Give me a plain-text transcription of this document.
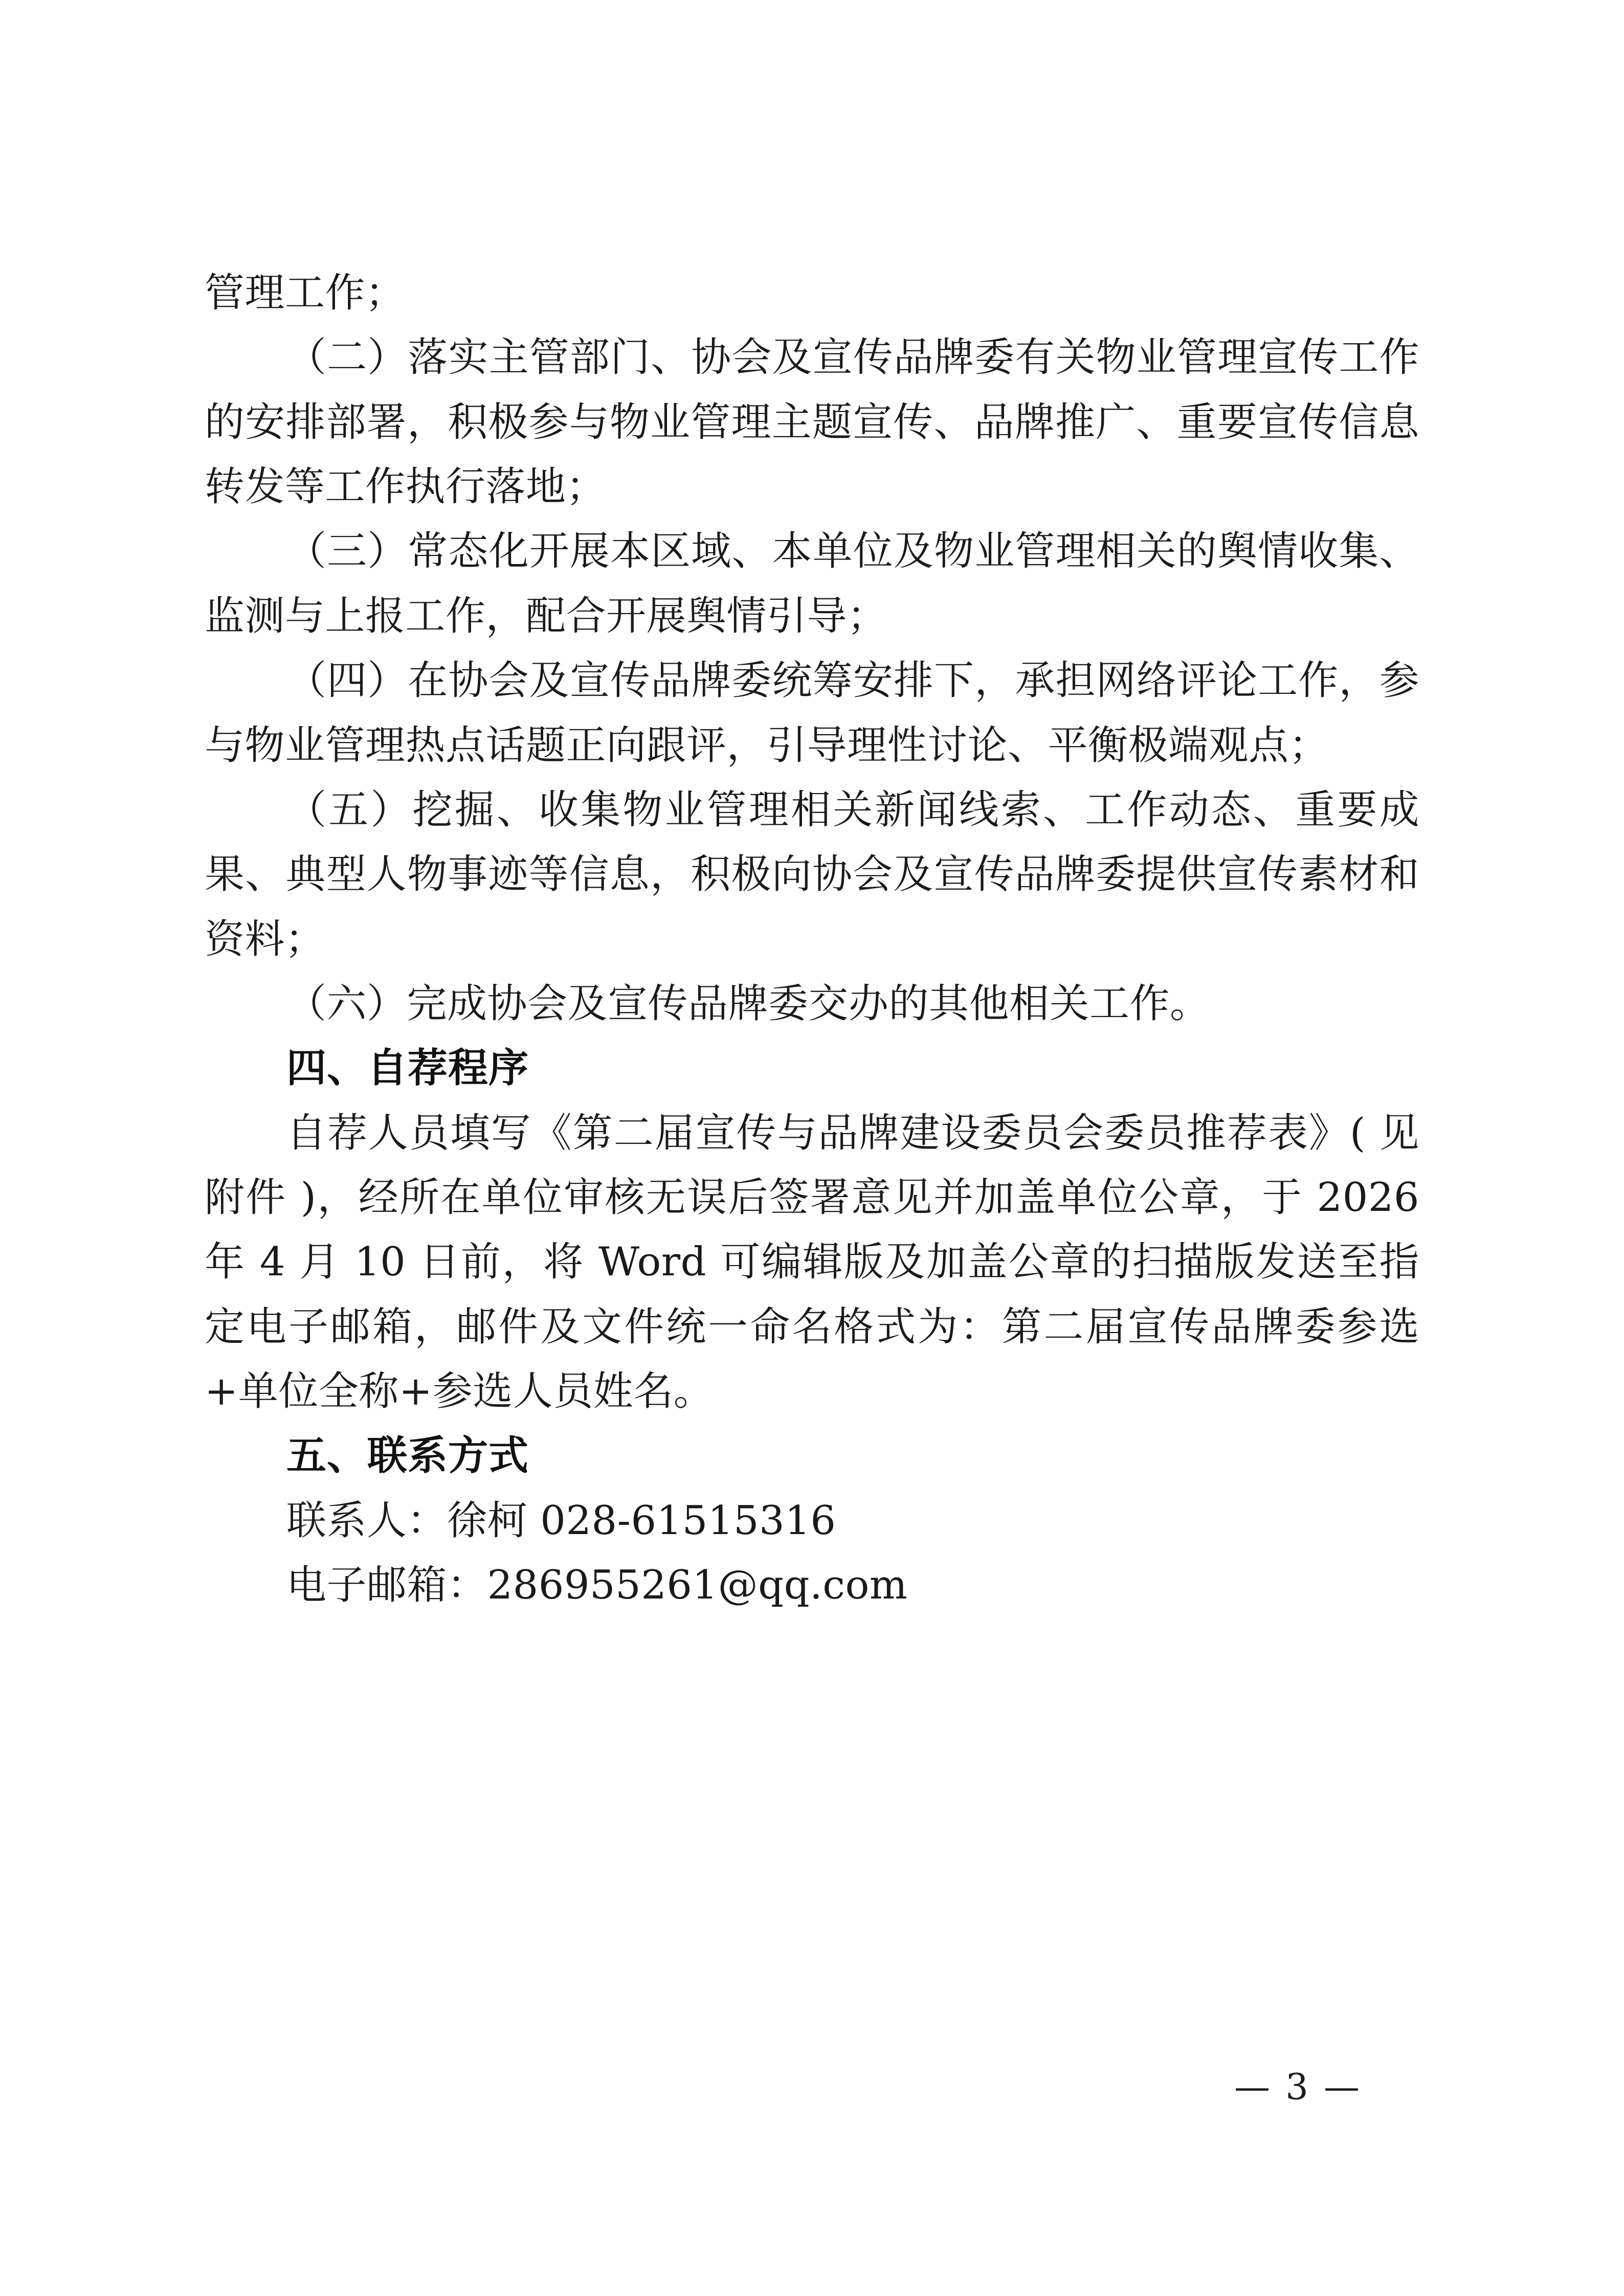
管理工作；

（二）落实主管部门、协会及宣传品牌委有关物业管理宣传工作的安排部署，积极参与物业管理主题宣传、品牌推广、重要宣传信息转发等工作执行落地；

（三）常态化开展本区域、本单位及物业管理相关的舆情收集、监测与上报工作，配合开展舆情引导；

（四）在协会及宣传品牌委统筹安排下，承担网络评论工作，参与物业管理热点话题正向跟评，引导理性讨论、平衡极端观点；

（五）挖掘、收集物业管理相关新闻线索、工作动态、重要成果、典型人物事迹等信息，积极向协会及宣传品牌委提供宣传素材和资料；

（六）完成协会及宣传品牌委交办的其他相关工作。

四、自荐程序

自荐人员填写《第二届宣传与品牌建设委员会委员推荐表》( 见附件 )，经所在单位审核无误后签署意见并加盖单位公章，于 2026 年 4 月 10 日前，将 Word 可编辑版及加盖公章的扫描版发送至指定电子邮箱，邮件及文件统一命名格式为：第二届宣传品牌委参选+单位全称+参选人员姓名。

五、联系方式

联系人：徐柯 028-61515316

电子邮箱：286955261@qq.com

— 3 —
